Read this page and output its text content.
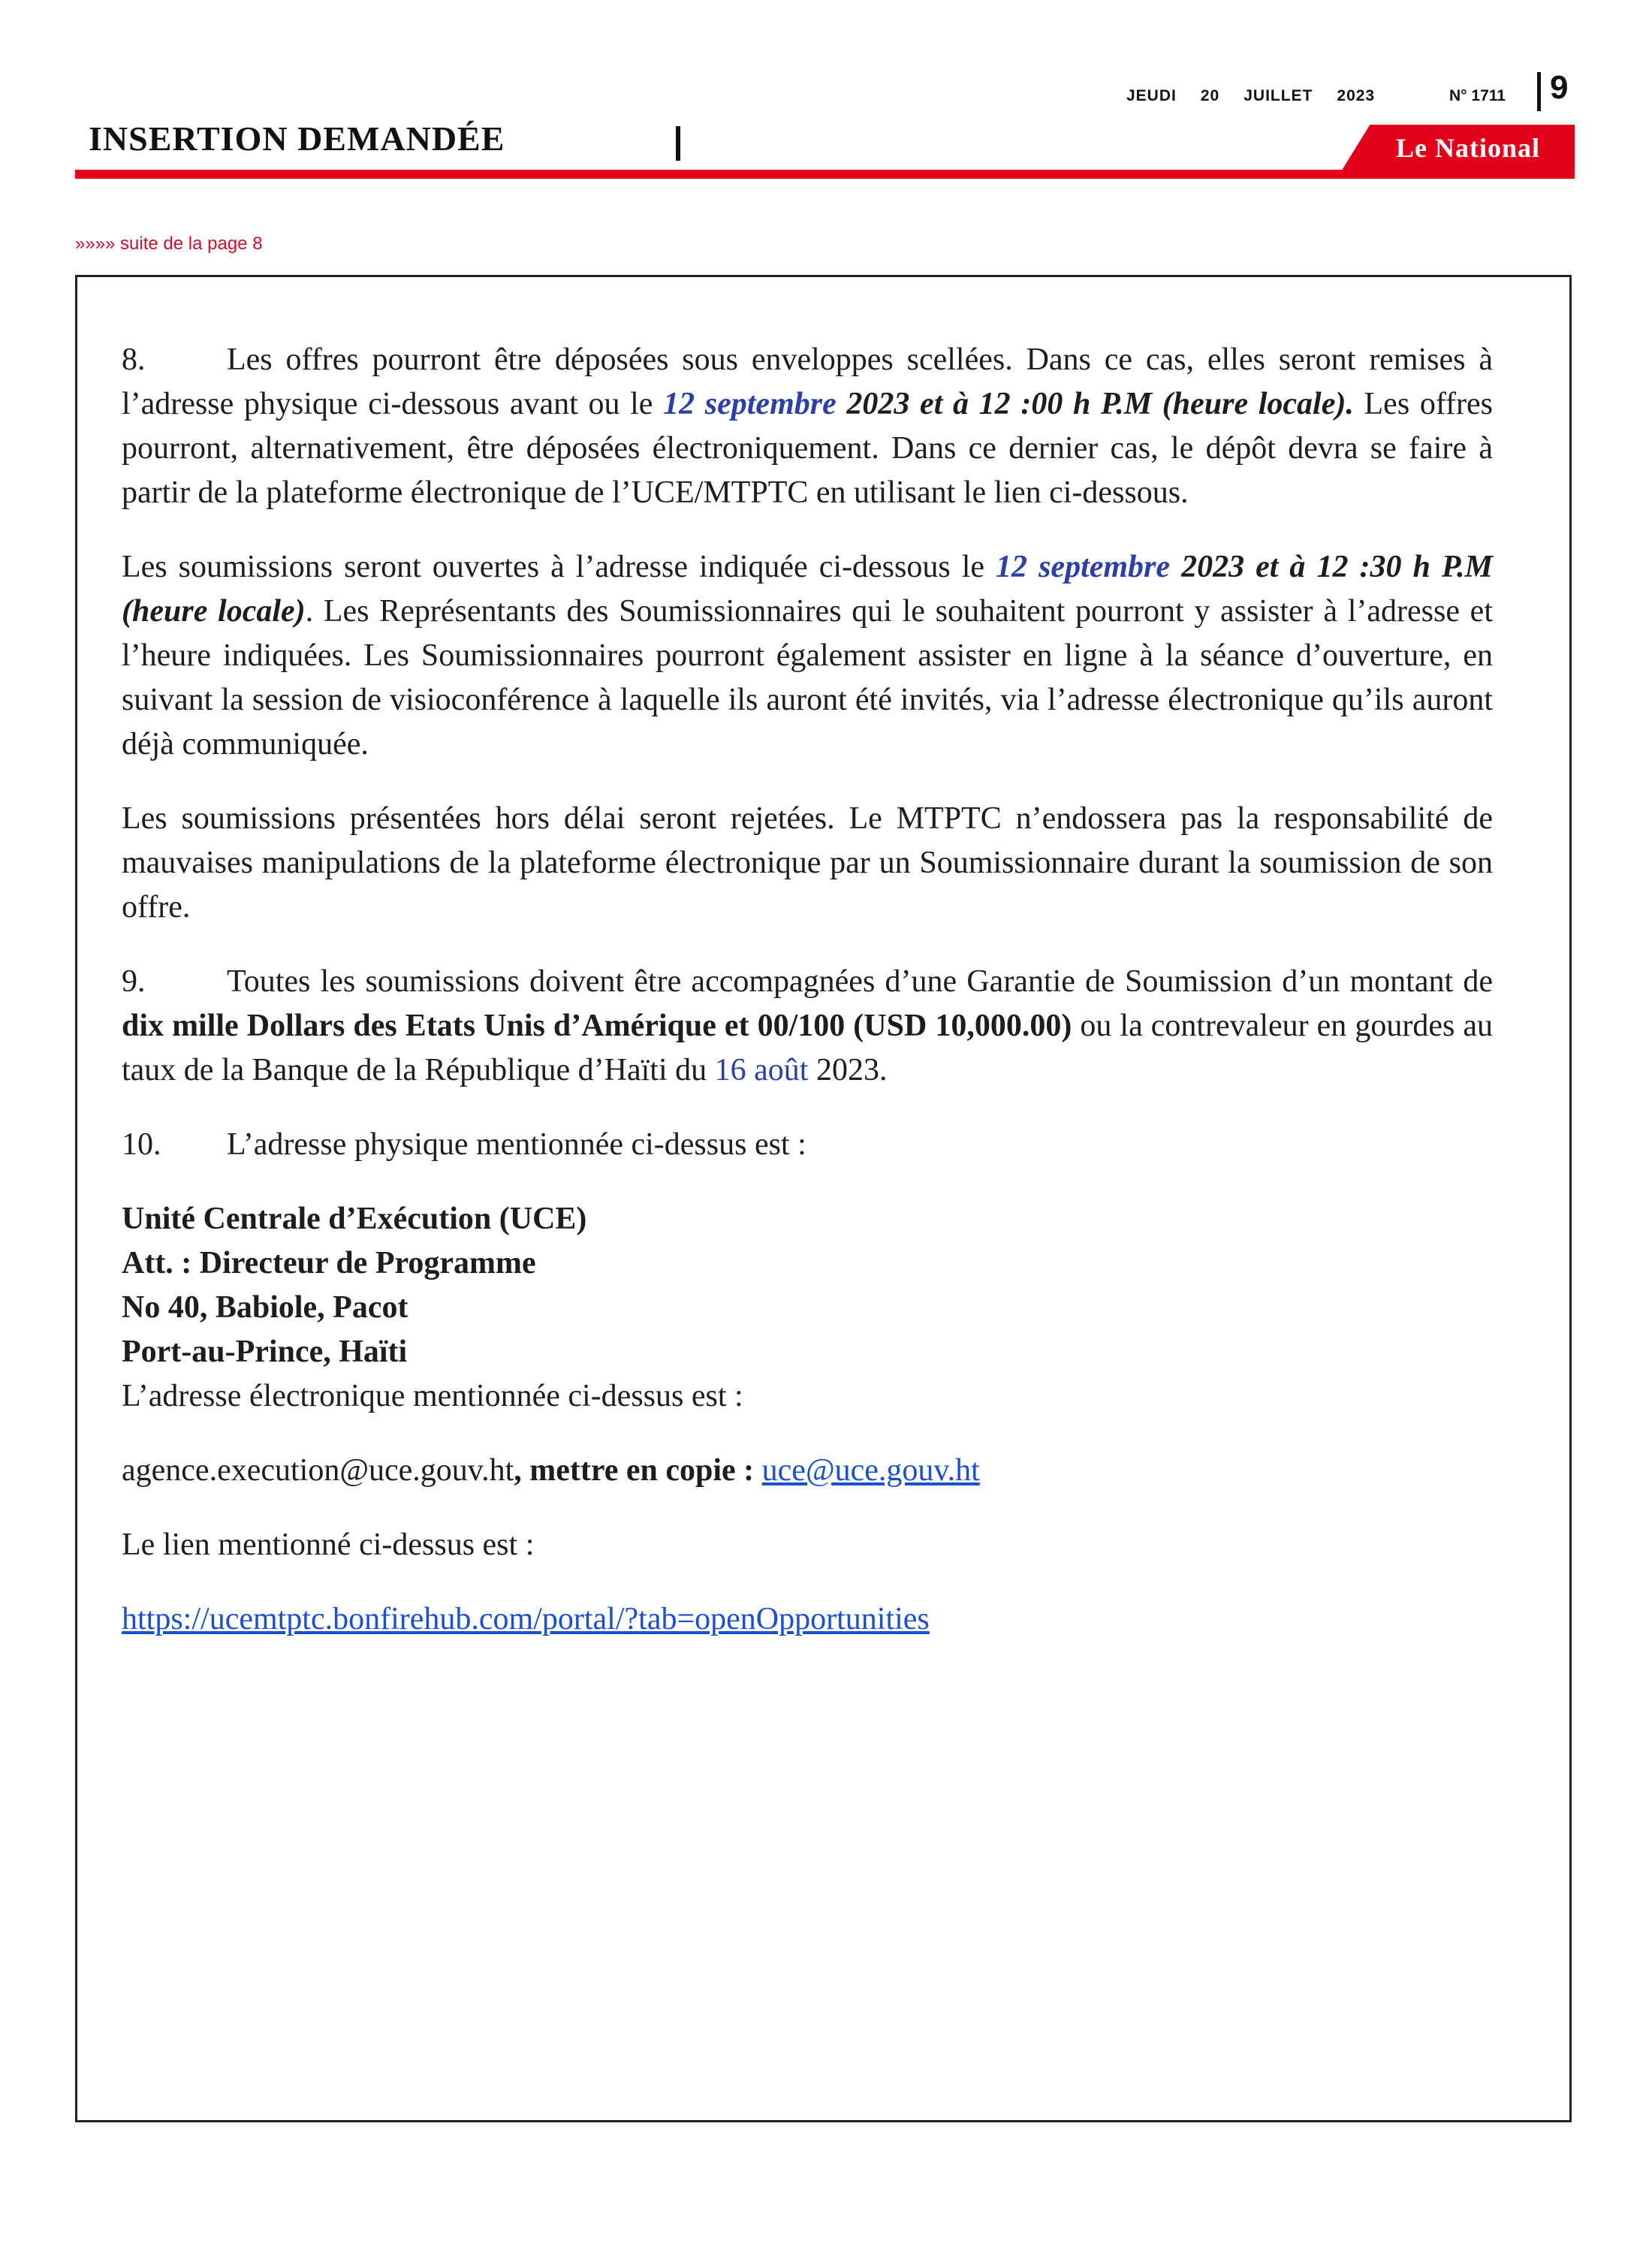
JEUDI 20 JUILLET 2023	N° 1711 9
INSERTION DEMANDÉE	Le National
»»»» suite de la page 8

8.	Les offres pourront être déposées sous enveloppes scellées. Dans ce cas, elles seront remises à l’adresse physique ci-dessous avant ou le 12 septembre 2023 et à 12 :00 h P.M (heure locale). Les offres pourront, alternativement, être déposées électroniquement. Dans ce dernier cas, le dépôt devra se faire à partir de la plateforme électronique de l’UCE/MTPTC en utilisant le lien ci-dessous.

Les soumissions seront ouvertes à l’adresse indiquée ci-dessous le 12 septembre 2023 et à 12 :30 h P.M (heure locale). Les Représentants des Soumissionnaires qui le souhaitent pourront y assister à l’adresse et l’heure indiquées. Les Soumissionnaires pourront également assister en ligne à la séance d’ouverture, en suivant la session de visioconférence à laquelle ils auront été invités, via l’adresse électronique qu’ils auront déjà communiquée.

Les soumissions présentées hors délai seront rejetées. Le MTPTC n’endossera pas la responsabilité de mauvaises manipulations de la plateforme électronique par un Soumissionnaire durant la soumission de son offre.

9.	Toutes les soumissions doivent être accompagnées d’une Garantie de Soumission d’un montant de dix mille Dollars des Etats Unis d’Amérique et 00/100 (USD 10,000.00) ou la contrevaleur en gourdes au taux de la Banque de la République d’Haïti du 16 août 2023.

10. L’adresse physique mentionnée ci-dessus est :

Unité Centrale d’Exécution (UCE)
Att. : Directeur de Programme
No 40, Babiole, Pacot
Port-au-Prince, Haïti
L’adresse électronique mentionnée ci-dessus est :

agence.execution@uce.gouv.ht, mettre en copie : uce@uce.gouv.ht

Le lien mentionné ci-dessus est :

https://ucemtptc.bonfirehub.com/portal/?tab=openOpportunities
